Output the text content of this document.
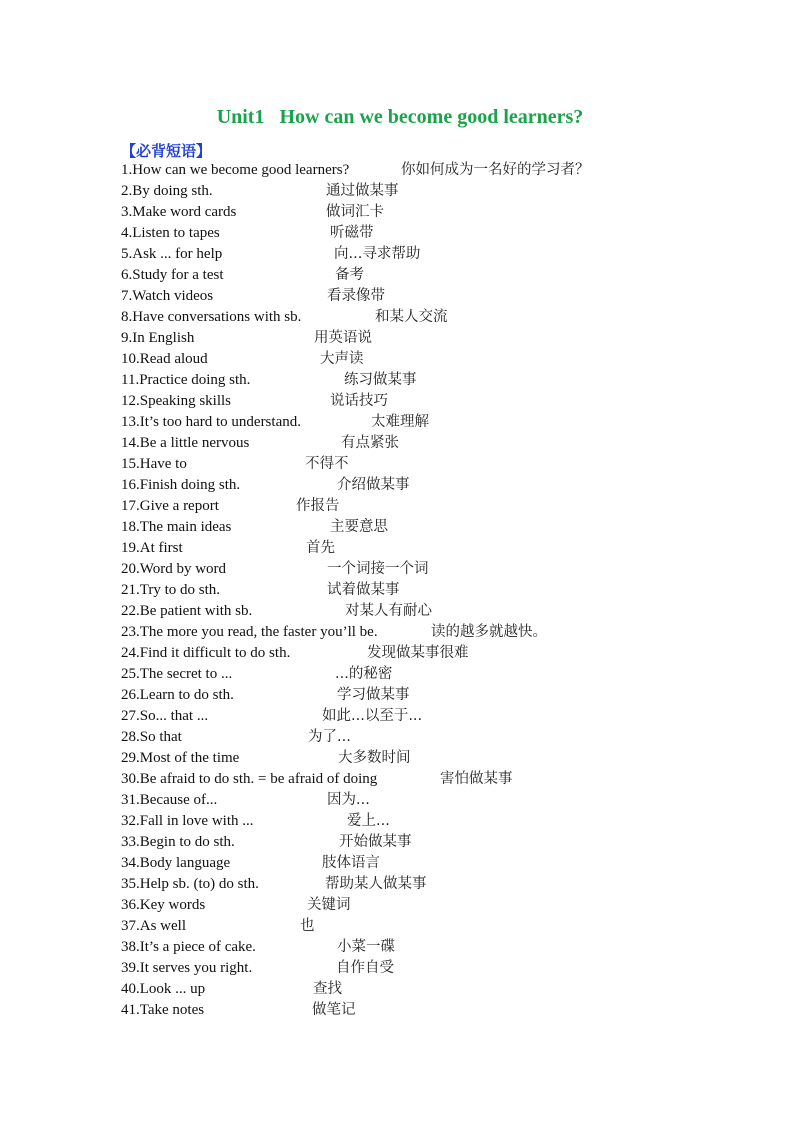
Unit1   How can we become good learners?
【必背短语】
1.How can we become good learners?	你如何成为一名好的学习者？
2.By doing sth.	通过做某事
3.Make word cards	做词汇卡
4.Listen to tapes	听磁带
5.Ask ... for help	向...寻求帮助
6.Study for a test	备考
7.Watch videos	看录像带
8.Have conversations with sb.	和某人交流
9.In English	用英语说
10.Read aloud	大声读
11.Practice doing sth.	练习做某事
12.Speaking skills	说话技巧
13.It’s too hard to understand.	太难理解
14.Be a little nervous	有点紧张
15.Have to	不得不
16.Finish doing sth.	介绍做某事
17.Give a report	作报告
18.The main ideas	主要意思
19.At first	首先
20.Word by word	一个词接一个词
21.Try to do sth.	试着做某事
22.Be patient with sb.	对某人有耐心
23.The more you read, the faster you’ll be.	读的越多就越快。
24.Find it difficult to do sth.	发现做某事很难
25.The secret to ...	...的秘密
26.Learn to do sth.	学习做某事
27.So... that ...	如此...以至于...
28.So that	为了...
29.Most of the time	大多数时间
30.Be afraid to do sth. = be afraid of doing	害怕做某事
31.Because of...	因为...
32.Fall in love with ...	爱上...
33.Begin to do sth.	开始做某事
34.Body language	肢体语言
35.Help sb. (to) do sth.	帮助某人做某事
36.Key words	关键词
37.As well	也
38.It’s a piece of cake.	小菜一碟
39.It serves you right.	自作自受
40.Look ... up	查找
41.Take notes	做笔记
